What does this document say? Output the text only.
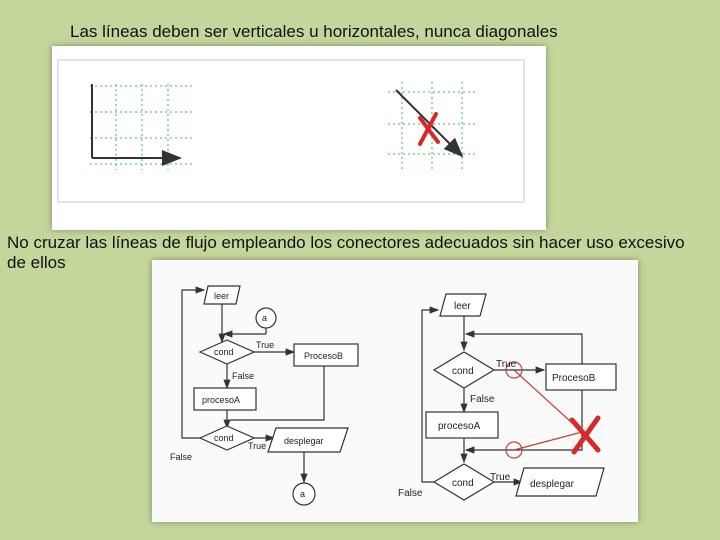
Las líneas deben ser verticales u horizontales, nunca diagonales
No cruzar las líneas de flujo empleando los conectores adecuados sin hacer uso excesivo de ellos
leer
a
cond
True
False
ProcesoB
procesoA
cond
True
False
desplegar
a
leer
cond
True
False
ProcesoB
procesoA
cond
True
False
desplegar
